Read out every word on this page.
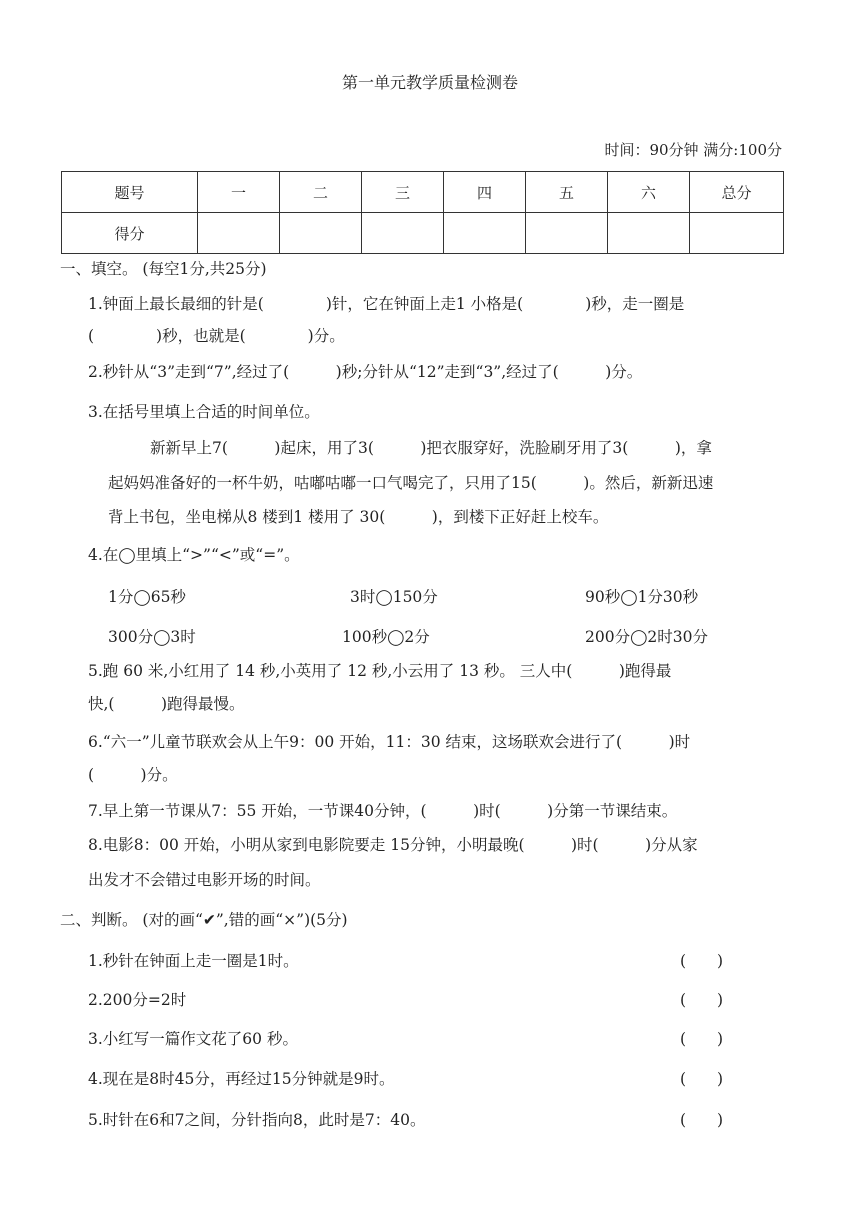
第一单元教学质量检测卷
时间：90分钟 满分:100分
题号	一	二	三	四	五	六	总分
得分							
一、填空。 (每空1分,共25分)
1.钟面上最长最细的针是(　　　　)针，它在钟面上走1 小格是(　　　　)秒，走一圈是
(　　　　)秒，也就是(　　　　)分。
2.秒针从“3”走到“7”,经过了(　　　)秒;分针从“12”走到“3”,经过了(　　　)分。
3.在括号里填上合适的时间单位。
新新早上7(　　　)起床，用了3(　　　)把衣服穿好，洗脸刷牙用了3(　　　)，拿
起妈妈准备好的一杯牛奶，咕嘟咕嘟一口气喝完了，只用了15(　　　)。然后，新新迅速
背上书包，坐电梯从8 楼到1 楼用了 30(　　　)，到楼下正好赶上校车。
4.在◯里填上“>”“<”或“=”。
1分◯65秒	3时◯150分	90秒◯1分30秒
300分◯3时	100秒◯2分	200分◯2时30分
5.跑 60 米,小红用了 14 秒,小英用了 12 秒,小云用了 13 秒。 三人中(　　　)跑得最
快,(　　　)跑得最慢。
6.“六一”儿童节联欢会从上午9：00 开始，11：30 结束，这场联欢会进行了(　　　)时
(　　　)分。
7.早上第一节课从7：55 开始，一节课40分钟，(　　　)时(　　　)分第一节课结束。
8.电影8：00 开始，小明从家到电影院要走 15分钟，小明最晚(　　　)时(　　　)分从家
出发才不会错过电影开场的时间。
二、判断。 (对的画“✔”,错的画“×”)(5分)
1.秒针在钟面上走一圈是1时。	(　　)
2.200分=2时	(　　)
3.小红写一篇作文花了60 秒。	(　　)
4.现在是8时45分，再经过15分钟就是9时。	(　　)
5.时针在6和7之间，分针指向8，此时是7：40。	(　　)
